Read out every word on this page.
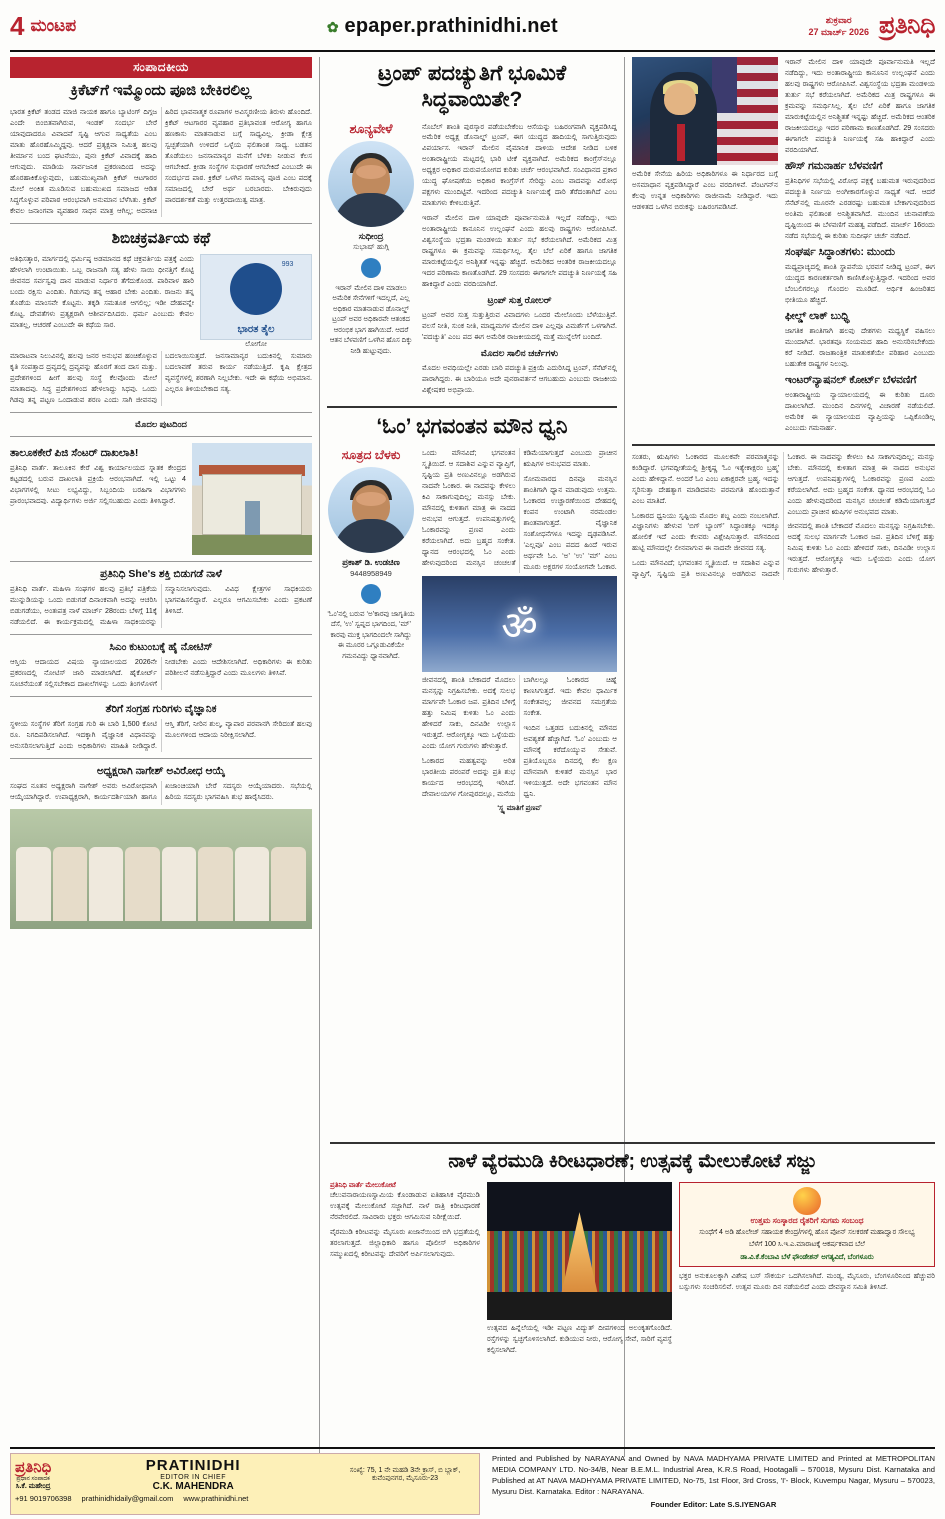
4 ಮಂಟಪ	✿ epaper.prathinidhi.net	ಶುಕ್ರವಾರ
27 ಮಾರ್ಚ್ 2026 ಪ್ರತಿನಿಧಿ
ಸಂಪಾದಕೀಯ
ಕ್ರಿಕೆಟ್‌ಗೆ ಇಮ್ಮೊಂದು ಪೂಜಿ ಬೇಕಿರಲಿಲ್ಲ

ಭಾರತ ಕ್ರಿಕೆಟ್ ತಂಡದ ಮಾಜಿ ನಾಯಕ ಹಾಗೂ ಬ್ಯಾಟಿಂಗ್ ದಿಗ್ಗಜ ಎಂದೇ ಬಿಂಬಿತವಾಗಿರುವ, ಇಂಡಕ್ ಸಂದರ್ಭ ಬೇರೆ ಯಾವುದಾದರೂ ವಿವಾದವೆ ಸೃಷ್ಟಿ ಆಗುವ ಸಾಧ್ಯತೆಯ ಎಂಬ ಮಾತು ಹೊರಹೊಮ್ಮಿದ್ದವು. ಆದರೆ ಪ್ರತ್ಯಕ್ಷವಾ ನಿಮಿತ್ತ ಹಲವು ತೀರ್ಮಾನ ಬಂದ ಘಟನೆಯು, ಪುನಃ ಕ್ರಿಕೆಟ್ ವಿವಾದಕ್ಕೆ ಹಾದಿ ಆಗುವುದು. ಮಾಡಿಯ ಸಾರ್ವಜನಿಕ ಪ್ರಕರಣದಿಂದ ಅದನ್ನು ಹೊರಹಾಕಿಕೊಳ್ಳುವುದು, ಬಹುಮುಖ್ಯವಾಗಿ ಕ್ರಿಕೆಟ್ ಆಟಗಾರರ ಮೇಲೆ ಅಂಕಿತ ಮೂಡಿಸುವ ಬಹುಮುಖದ ಸಮಾಜದ ಆಡಿತ ಸಿದ್ಧಗೊಳ್ಳುವ ಪರಿಪಾಠ ಆರಂಭವಾಗಿ ಅನುಮಾನ ಬೆಳೆಸಿತು. ಕ್ರಿಕೆಟ್ ಕೇವಲ ಜನಾಂಗವಾ ವ್ಯವಹಾರ ಸಾಧನ ಮಾತ್ರ ಆಗಿಲ್ಲ; ಅದನಾಚಿ ಹಿರಿದ ಭಾವನಾತ್ಮಕ ರೂಪಾಗಳ ಅವಿಸ್ಮರಣೀಯ ತಿರುಳು ಹೊಂದಿದೆ. ಕ್ರಿಕೆಟ್ ಆಟಗಾರರ ವ್ಯವಹಾರ ಪ್ರತಿಭಾವಂತ ಆರೋಗ್ಯ ಹಾಗೂ ಹಣಕಾಸು ಮಾತನಾಡುವ ಬಗ್ಗೆ ಸಾಧ್ಯವಿಲ್ಲ. ಕ್ರೀಡಾ ಕ್ಷೇತ್ರ ಸ್ವಚ್ಛತೆಯಾಗಿ ಉಳಿದರೆ ಒಳ್ಳೆಯ ಫಲಿತಾಂಶ ಸಾಧ್ಯ. ಬಡತನ ತೊಡೆಯಲು ಜನಸಾಮಾನ್ಯರ ಮನೆಗೆ ಬೆಳಕು ನೀಡುವ ಕೆಲಸ ಆಗಬೇಕಿದೆ. ಕ್ರೀಡಾ ಸಂಸ್ಥೆಗಳ ಸುಧಾರಣೆ ಆಗಬೇಕಿದೆ ಎಂಬುದೇ ಈ ಸಂದರ್ಭದ ಪಾಠ. ಕ್ರಿಕೆಟ್ ಒಳಗಿನ ಸಾಮಾನ್ಯ ಪೂಜಿ ಎಂಬ ಪದಕ್ಕೆ ಸಮಾಜದಲ್ಲಿ ಬೇರೆ ಅರ್ಥ ಬರಬಾರದು. ಬೇಕಿರುವುದು ಪಾರದರ್ಶಕತೆ ಮತ್ತು ಉತ್ತರದಾಯಿತ್ವ ಮಾತ್ರ.

ಶಿಬಿಚಕ್ರವರ್ತಿಯ ಕಥೆ

ಅತಿಥಿಸತ್ಕಾರ, ಮಾರ್ಗದಲ್ಲಿ ಧರ್ಮಿಷ್ಠ ಅಡಮಾನದ ಕಥೆ ಚಕ್ರವರ್ತಿಯ ಪತ್ರಕ್ಕೆ ಎಂದು ಹೇಳಲಾಗಿ ಉಂಟಾಯಿತು. ಒಬ್ಬ ರಾಜನಾಗಿ ಸತ್ಯ ಹೇಳು ಸಾಯಿ ಧೀನತ್ತಿಗೆ ಕೊಟ್ಟಿ ಜೀವನದ ಸರ್ವಸ್ವವು ದಾನ ಮಾಡುವ ನಿರ್ಧಾರ ತೆಗೆದುಕೊಂಡ. ಪಾರಿವಾಳ ಹಾರಿ ಬಂದು ರಕ್ಷಿಸು ಎಂದಿತು. ಗಿಡುಗವು ತನ್ನ ಆಹಾರ ಬೇಕು ಎಂದಿತು. ರಾಜನು ತನ್ನ ತೊಡೆಯ ಮಾಂಸವೇ ಕೊಟ್ಟನು. ತಕ್ಕಡಿ ಸಮತೂಕ ಆಗಲಿಲ್ಲ; ಇಡೀ ದೇಹವನ್ನೇ ಕೊಟ್ಟ. ದೇವತೆಗಳು ಪ್ರತ್ಯಕ್ಷರಾಗಿ ಆಶೀರ್ವದಿಸಿದರು. ಧರ್ಮ ಎಂಬುದು ಕೇವಲ ಮಾತಲ್ಲ, ಆಚರಣೆ ಎಂಬುದೇ ಈ ಕಥೆಯ ಸಾರ.

993
ಭಾರತ ತೈಲ
ಲೋಗೋ

ಮಾರಾಟವಾ ನಿಲುವಿನಲ್ಲಿ ಹಲವು ಜನರ ಅನುಭವ ಹಂಚಿಕೊಳ್ಳುವ ಕೃತಿ ಸಂಪತ್ತಾದ ದ್ರವ್ಯದಲ್ಲಿ ದ್ರವ್ಯವನ್ನು ಹೊರಗೆ ತಂದ ದಾಸ ಮತ್ತು. ಪ್ರದೇಶಗಳಿಂದ ಹೀಗೆ ಹಲವು ಸಂಸ್ಥೆ ಕೆಲವೊಂದು ಮೇಲೆ ಮಾತಾದವು. ಸಿದ್ಧ ಪ್ರದೇಶಗಳಿಂದ ಹೇಳಲಾದ್ದು ಸಿಧವು. ಒಂದು ಗಿಡವು ತನ್ನ ಪಟ್ಟಣ ಒಂದಾಡುವ ಶರಣ ಎಂದು ಸಾಗಿ ಜೀವನವು ಬದಲಾಯಿಸುತ್ತದೆ. ಜನಸಾಮಾನ್ಯರ ಬದುಕಿನಲ್ಲಿ ಸುಮಾರು ಬದಲಾವಣೆ ತರುವ ಕಾರ್ಯ ನಡೆಯುತ್ತಿದೆ. ಕೃಷಿ ಕ್ಷೇತ್ರದ ವ್ಯವಸ್ಥೆಗಳಲ್ಲಿ ಶರಣಾಗಿ ನಿಲ್ಲಬೇಕು. ಇದೇ ಈ ಕಥೆಯ ಅಭಿಮಾನ. ಎಲ್ಲರೂ ತಿಳಿಯಬೇಕಾದ ಸತ್ಯ.

ಮೊದಲ ಪುಟದಿಂದ
ತಾಲೂಕಕೇರೆ ಪಿಜಿ ಸೆಂಟರ್ ದಾಖಲಾತಿ!

ಪ್ರತಿನಿಧಿ ವಾರ್ತೆ. ತಾಲೂಕಿನ ಕೇರೆ ವಿಶ್ವ ಕಾರ್ಯಾಲಯದ ಸ್ನಾತಕ ಕೇಂದ್ರದ ಕಟ್ಟಡದಲ್ಲಿ ಬರುವ ದಾಖಲಾತಿ ಪ್ರಕ್ರಿಯೆ ಆರಂಭವಾಗಿದೆ. ಇಲ್ಲಿ ಒಟ್ಟು 4 ವಿಭಾಗಗಳಲ್ಲಿ ಸೀಟು ಲಭ್ಯವಿದ್ದು, ಸಿಬ್ಬಂದಿಯ ಬರಹಿಗಾ ವಿಭಾಗಗಳು ಪ್ರಾರಂಭವಾದವು. ವಿದ್ಯಾರ್ಥಿಗಳು ಅರ್ಜಿ ಸಲ್ಲಿಸಬಹುದು ಎಂದು ತಿಳಿಸಿದ್ದಾರೆ.

ಪ್ರತಿನಿಧಿ She's ಶಕ್ತಿ ಬಿಡುಗಡೆ ನಾಳೆ

ಪ್ರತಿನಿಧಿ ವಾರ್ತೆ. ಮಹಿಳಾ ಸಂಘಗಳ ಹಲವು ಪ್ರತಿಭೆ ಪತ್ರಿಕೆಯ ಮುನ್ನುಡಿಯನ್ನು ಒಂದು ಬಿಡುಗಡೆ ದಿನಾಂಕವಾಗಿ ಅದನ್ನು ಆಚರಿಸಿ ಬಿಡುಗಡೆಯು, ಅಂತಃಪತ್ರ ನಾಳೆ ಮಾರ್ಚ್ 28ರಂದು ಬೆಳಿಗ್ಗೆ 11ಕ್ಕೆ ನಡೆಯಲಿದೆ. ಈ ಕಾರ್ಯಕ್ರಮದಲ್ಲಿ ಮಹಿಳಾ ಸಾಧಕಿಯರನ್ನು ಸನ್ಮಾನಿಸಲಾಗುವುದು. ವಿವಿಧ ಕ್ಷೇತ್ರಗಳ ಸಾಧಕಿಯರು ಭಾಗವಹಿಸಲಿದ್ದಾರೆ. ಎಲ್ಲರೂ ಆಗಮಿಸಬೇಕು ಎಂದು ಪ್ರಕಟಣೆ ತಿಳಿಸಿದೆ.

ಸಿಎಂ ಕುಟುಂಬಕ್ಕೆ ಹೈ ನೋಟಿಸ್

ಆಸ್ತಿಯ ಆದಾಯದ ವಿಷಯ ನ್ಯಾಯಾಲಯದ 2026ನೇ ಪ್ರಕರಣದಲ್ಲಿ ನೋಟಿಸ್ ಜಾರಿ ಮಾಡಲಾಗಿದೆ. ಹೈಕೋರ್ಟ್ ಸೂಚನೆಯಂತೆ ಸಲ್ಲಿಸಬೇಕಾದ ದಾಖಲೆಗಳನ್ನು ಒಂದು ತಿಂಗಳೊಳಗೆ ನೀಡಬೇಕು ಎಂದು ಆದೇಶಿಸಲಾಗಿದೆ. ಅಧಿಕಾರಿಗಳು ಈ ಕುರಿತು ಪರಿಶೀಲನೆ ನಡೆಸುತ್ತಿದ್ದಾರೆ ಎಂದು ಮೂಲಗಳು ತಿಳಿಸಿವೆ.

ತೆರಿಗೆ ಸಂಗ್ರಹ ಗುರಿಗಳು ವೈಜ್ಞಾನಿಕ

ಸ್ಥಳೀಯ ಸಂಸ್ಥೆಗಳ ತೆರಿಗೆ ಸಂಗ್ರಹ ಗುರಿ ಈ ಬಾರಿ 1,500 ಕೋಟಿ ರೂ. ನಿಗದಿಪಡಿಸಲಾಗಿದೆ. ಇದಕ್ಕಾಗಿ ವೈಜ್ಞಾನಿಕ ವಿಧಾನವನ್ನು ಅನುಸರಿಸಲಾಗುತ್ತಿದೆ ಎಂದು ಅಧಿಕಾರಿಗಳು ಮಾಹಿತಿ ನೀಡಿದ್ದಾರೆ. ಆಸ್ತಿ ತೆರಿಗೆ, ನೀರಿನ ಶುಲ್ಕ, ವ್ಯಾಪಾರ ಪರವಾನಗಿ ಸೇರಿದಂತೆ ಹಲವು ಮೂಲಗಳಿಂದ ಆದಾಯ ನಿರೀಕ್ಷಿಸಲಾಗಿದೆ.

ಅಧ್ಯಕ್ಷರಾಗಿ ನಾಗೇಶ್ ಅವಿರೋಧ ಆಯ್ಕೆ

ಸಂಘದ ನೂತನ ಅಧ್ಯಕ್ಷರಾಗಿ ನಾಗೇಶ್ ಅವರು ಅವಿರೋಧವಾಗಿ ಆಯ್ಕೆಯಾಗಿದ್ದಾರೆ. ಉಪಾಧ್ಯಕ್ಷರಾಗಿ, ಕಾರ್ಯದರ್ಶಿಯಾಗಿ ಹಾಗೂ ಖಜಾಂಚಿಯಾಗಿ ಬೇರೆ ಸದಸ್ಯರು ಆಯ್ಕೆಯಾದರು. ಸಭೆಯಲ್ಲಿ ಹಿರಿಯ ಸದಸ್ಯರು ಭಾಗವಹಿಸಿ ಶುಭ ಹಾರೈಸಿದರು.

ಟ್ರಂಪ್ ಪದಚ್ಯುತಿಗೆ ಭೂಮಿಕೆ ಸಿದ್ಧವಾಯಿತೇ?
ಶೂನ್ಯವೇಳೆ
ಸುಧೀಂದ್ರ
ಸುಭಾಷ್ ಹುಗ್ಗಿ
ಇರಾನ್ ಮೇಲಿನ ದಾಳಿ ಮಾಡಲು ಅಮೆರಿಕ ಸೇನೆಗಳಿಗೆ ಇದಲ್ಲದೆ, ಎಲ್ಲ ಅಧಿಕಾರ ಮಾತನಾಡುವ ಡೊನಾಲ್ಡ್ ಟ್ರಂಪ್ ಅವರ ಅಧಿಕಾರವೇ ಆತಂಕದ ಆರಂಭಿಕ ಭಾಗ ಹಾಗಿಯಿದೆ. ಆದರೆ ಆತನ ಬೆಳವಣಿಗೆ ಒಳಗಿನ ಹೊಸ ದಿಕ್ಕು ನೀಡಿ ಹುಟ್ಟುವುದು.

ನೊಬೆಲ್ ಶಾಂತಿ ಪುರಸ್ಕಾರ ಪಡೆಯಬೇಕೆಂಬ ಆಸೆಯನ್ನು ಬಹಿರಂಗವಾಗಿ ವ್ಯಕ್ತಪಡಿಸಿದ್ದ ಅಮೆರಿಕ ಅಧ್ಯಕ್ಷ ಡೊನಾಲ್ಡ್ ಟ್ರಂಪ್, ಈಗ ಯುದ್ಧದ ಹಾದಿಯಲ್ಲಿ ಸಾಗುತ್ತಿರುವುದು ವಿಪರ್ಯಾಸ. ಇರಾನ್ ಮೇಲಿನ ವೈಮಾನಿಕ ದಾಳಿಯ ಆದೇಶ ನೀಡಿದ ಬಳಿಕ ಅಂತಾರಾಷ್ಟ್ರೀಯ ಮಟ್ಟದಲ್ಲಿ ಭಾರಿ ಟೀಕೆ ವ್ಯಕ್ತವಾಗಿದೆ. ಅಮೆರಿಕದ ಕಾಂಗ್ರೆಸ್‌ನಲ್ಲೂ ಅಧ್ಯಕ್ಷರ ಅಧಿಕಾರ ದುರುಪಯೋಗದ ಕುರಿತು ಚರ್ಚೆ ಆರಂಭವಾಗಿದೆ. ಸಂವಿಧಾನದ ಪ್ರಕಾರ ಯುದ್ಧ ಘೋಷಣೆಯ ಅಧಿಕಾರ ಕಾಂಗ್ರೆಸ್‌ಗೆ ಸೇರಿದ್ದು ಎಂಬ ವಾದವನ್ನು ವಿರೋಧ ಪಕ್ಷಗಳು ಮುಂದಿಟ್ಟಿವೆ. ಇದರಿಂದ ಪದಚ್ಯುತಿ ನಿರ್ಣಯಕ್ಕೆ ದಾರಿ ತೆರೆದಂತಾಗಿದೆ ಎಂಬ ಮಾತುಗಳು ಕೇಳಿಬರುತ್ತಿವೆ.

ಇರಾನ್ ಮೇಲಿನ ದಾಳಿ ಯಾವುದೇ ಪೂರ್ವಾನುಮತಿ ಇಲ್ಲದೆ ನಡೆದಿದ್ದು, ಇದು ಅಂತಾರಾಷ್ಟ್ರೀಯ ಕಾನೂನಿನ ಉಲ್ಲಂಘನೆ ಎಂದು ಹಲವು ರಾಷ್ಟ್ರಗಳು ಆರೋಪಿಸಿವೆ. ವಿಶ್ವಸಂಸ್ಥೆಯ ಭದ್ರತಾ ಮಂಡಳಿಯ ತುರ್ತು ಸಭೆ ಕರೆಯಲಾಗಿದೆ. ಅಮೆರಿಕದ ಮಿತ್ರ ರಾಷ್ಟ್ರಗಳೂ ಈ ಕ್ರಮವನ್ನು ಸಮರ್ಥಿಸಿಲ್ಲ. ತೈಲ ಬೆಲೆ ಏರಿಕೆ ಹಾಗೂ ಜಾಗತಿಕ ಮಾರುಕಟ್ಟೆಯಲ್ಲಿನ ಅನಿಶ್ಚಿತತೆ ಇನ್ನಷ್ಟು ಹೆಚ್ಚಿದೆ. ಅಮೆರಿಕದ ಆಂತರಿಕ ರಾಜಕೀಯದಲ್ಲೂ ಇದರ ಪರಿಣಾಮ ಕಾಣತೊಡಗಿದೆ. 29 ಸಂಸದರು ಈಗಾಗಲೇ ಪದಚ್ಯುತಿ ನಿರ್ಣಯಕ್ಕೆ ಸಹಿ ಹಾಕಿದ್ದಾರೆ ಎಂದು ವರದಿಯಾಗಿದೆ.

ಟ್ರಂಪ್ ಸುತ್ತ ರೋಲರ್

ಟ್ರಂಪ್ ಅವರ ಸುತ್ತ ಸುತ್ತುತ್ತಿರುವ ವಿವಾದಗಳು ಒಂದರ ಮೇಲೊಂದು ಬೆಳೆಯುತ್ತಿವೆ. ವಲಸೆ ನೀತಿ, ಸುಂಕ ನೀತಿ, ಮಾಧ್ಯಮಗಳ ಮೇಲಿನ ದಾಳಿ ಎಲ್ಲವೂ ವಿಮರ್ಶೆಗೆ ಒಳಗಾಗಿವೆ. 'ಪದಚ್ಯುತಿ' ಎಂಬ ಪದ ಈಗ ಅಮೆರಿಕ ರಾಜಕೀಯದಲ್ಲಿ ಮತ್ತೆ ಮುನ್ನೆಲೆಗೆ ಬಂದಿದೆ.

ಮೊದಲ ಸಾಲಿನ ಚರ್ಚೆಗಳು

ಮೊದಲ ಅವಧಿಯಲ್ಲೇ ಎರಡು ಬಾರಿ ಪದಚ್ಯುತಿ ಪ್ರಕ್ರಿಯೆ ಎದುರಿಸಿದ್ದ ಟ್ರಂಪ್, ಸೆನೆಟ್‌ನಲ್ಲಿ ಪಾರಾಗಿದ್ದರು. ಈ ಬಾರಿಯೂ ಅದೇ ಪುನರಾವರ್ತನೆ ಆಗಬಹುದು ಎಂಬುದು ರಾಜಕೀಯ ವಿಶ್ಲೇಷಕರ ಅಭಿಪ್ರಾಯ.

‘ಓಂ’ ಭಗವಂತನ ಮೌನ ಧ್ವನಿ
ಸೂತ್ರದ ಬೆಳಕು
ಪ್ರಕಾಶ್ ಡಿ. ಉಡಚಿಣ
9448958949
‘ಓಂ’ನಲ್ಲಿ ಬರುವ ‘ಅ’ಕಾರವು ಜಾಗೃತಿಯ ದೆಸೆ, ‘ಉ’ ಸ್ವಪ್ನದ ಭಾಗದಿಂದ, ‘ಮ್’ ಕಾರವು ಮುಕ್ತ ಭಾಗದಿಂದಲೇ ಸಾಗಿದ್ದು ಈ ಮೂರರ ಒಗ್ಗೂಡುವಿಕೆಯೇ ಗಮನವಿದ್ದು ಧ್ಯಾನವಾಗಿದೆ.

ಒಂದು ಮೌನವಿದೆ; ಭಗವಂತನ ಸ್ಮೃತಿಯಿದೆ. ಆ ಸದಾಶಿವ ಎನ್ನುವ ವ್ಯಾಪ್ತಿಗೆ, ಸೃಷ್ಟಿಯ ಪ್ರತಿ ಅಣುವಿನಲ್ಲೂ ಅಡಗಿರುವ ನಾದವೇ ಓಂಕಾರ. ಈ ನಾದವನ್ನು ಕೇಳಲು ಕಿವಿ ಸಾಕಾಗುವುದಿಲ್ಲ; ಮನಸ್ಸು ಬೇಕು. ಮೌನದಲ್ಲಿ ಕುಳಿತಾಗ ಮಾತ್ರ ಈ ನಾದದ ಅನುಭವ ಆಗುತ್ತದೆ. ಉಪನಿಷತ್ತುಗಳಲ್ಲಿ ಓಂಕಾರವನ್ನು ಪ್ರಣವ ಎಂದು ಕರೆಯಲಾಗಿದೆ. ಅದು ಬ್ರಹ್ಮದ ಸಂಕೇತ. ಧ್ಯಾನದ ಆರಂಭದಲ್ಲಿ ಓಂ ಎಂದು ಹೇಳುವುದರಿಂದ ಮನಸ್ಸಿನ ಚಂಚಲತೆ ಕಡಿಮೆಯಾಗುತ್ತದೆ ಎಂಬುದು ಪ್ರಾಚೀನ ಋಷಿಗಳ ಅನುಭವದ ಮಾತು.

ಸೋಮವಾರದ ದಿನವೂ ಮನಸ್ಸಿನ ಶಾಂತಿಗಾಗಿ ಧ್ಯಾನ ಮಾಡುವುದು ಉತ್ತಮ. ಓಂಕಾರದ ಉಚ್ಚಾರಣೆಯಿಂದ ದೇಹದಲ್ಲಿ ಕಂಪನ ಉಂಟಾಗಿ ನರಮಂಡಲ ಶಾಂತವಾಗುತ್ತದೆ. ವೈಜ್ಞಾನಿಕ ಸಂಶೋಧನೆಗಳೂ ಇದನ್ನು ದೃಢಪಡಿಸಿವೆ. ‘ಎಲ್ಲವೂ’ ಎಂಬ ಪದದ ಹಿಂದೆ ಇರುವ ಅರ್ಥವೇ ಓಂ. ‘ಅ’ ‘ಉ’ ‘ಮ್’ ಎಂಬ ಮೂರು ಅಕ್ಷರಗಳ ಸಂಯೋಗವೇ ಓಂಕಾರ.

ॐ

ಜೀವನದಲ್ಲಿ ಶಾಂತಿ ಬೇಕಾದರೆ ಮೊದಲು ಮನಸ್ಸನ್ನು ನಿಗ್ರಹಿಸಬೇಕು. ಅದಕ್ಕೆ ಸುಲಭ ಮಾರ್ಗವೇ ಓಂಕಾರ ಜಪ. ಪ್ರತಿದಿನ ಬೆಳಿಗ್ಗೆ ಹತ್ತು ನಿಮಿಷ ಕುಳಿತು ಓಂ ಎಂದು ಹೇಳಿದರೆ ಸಾಕು, ದಿನವಿಡೀ ಉಲ್ಲಾಸ ಇರುತ್ತದೆ. ಆರೋಗ್ಯಕ್ಕೂ ಇದು ಒಳ್ಳೆಯದು ಎಂದು ಯೋಗ ಗುರುಗಳು ಹೇಳುತ್ತಾರೆ.

ಓಂಕಾರದ ಮಹತ್ವವನ್ನು ಅರಿತ ಭಾರತೀಯ ಪರಂಪರೆ ಅದನ್ನು ಪ್ರತಿ ಶುಭ ಕಾರ್ಯದ ಆರಂಭದಲ್ಲಿ ಇರಿಸಿದೆ. ದೇವಾಲಯಗಳ ಗೋಪುರದಲ್ಲೂ, ಮನೆಯ ಬಾಗಿಲಲ್ಲೂ ಓಂಕಾರದ ಚಿಹ್ನೆ ಕಾಣಸಿಗುತ್ತದೆ. ಇದು ಕೇವಲ ಧಾರ್ಮಿಕ ಸಂಕೇತವಲ್ಲ; ಜೀವನದ ಸಮಗ್ರತೆಯ ಸಂಕೇತ.

ಇಂದಿನ ಒತ್ತಡದ ಬದುಕಿನಲ್ಲಿ ಮೌನದ ಅವಶ್ಯಕತೆ ಹೆಚ್ಚಾಗಿದೆ. ‘ಓಂ’ ಎಂಬುದು ಆ ಮೌನಕ್ಕೆ ಕರೆದೊಯ್ಯುವ ಸೇತುವೆ. ಪ್ರತಿಯೊಬ್ಬರೂ ದಿನದಲ್ಲಿ ಕೆಲ ಕ್ಷಣ ಮೌನವಾಗಿ ಕುಳಿತರೆ ಮನಸ್ಸಿನ ಭಾರ ಇಳಿಯುತ್ತದೆ. ಅದೇ ಭಗವಂತನ ಮೌನ ಧ್ವನಿ.

‘ಸ್ಥ್ಯ ಮಾತಿಗೆ ಪ್ರಣವ’

ಅಮೆರಿಕ ಸೇನೆಯ ಹಿರಿಯ ಅಧಿಕಾರಿಗಳೂ ಈ ನಿರ್ಧಾರದ ಬಗ್ಗೆ ಅಸಮಾಧಾನ ವ್ಯಕ್ತಪಡಿಸಿದ್ದಾರೆ ಎಂಬ ವರದಿಗಳಿವೆ. ಪೆಂಟಗನ್‌ನ ಕೆಲವು ಉನ್ನತ ಅಧಿಕಾರಿಗಳು ರಾಜೀನಾಮೆ ನೀಡಿದ್ದಾರೆ. ಇದು ಆಡಳಿತದ ಒಳಗಿನ ಬಿರುಕನ್ನು ಬಹಿರಂಗಪಡಿಸಿದೆ.

ಇರಾನ್ ಮೇಲಿನ ದಾಳಿ ಯಾವುದೇ ಪೂರ್ವಾನುಮತಿ ಇಲ್ಲದೆ ನಡೆದಿದ್ದು, ಇದು ಅಂತಾರಾಷ್ಟ್ರೀಯ ಕಾನೂನಿನ ಉಲ್ಲಂಘನೆ ಎಂದು ಹಲವು ರಾಷ್ಟ್ರಗಳು ಆರೋಪಿಸಿವೆ. ವಿಶ್ವಸಂಸ್ಥೆಯ ಭದ್ರತಾ ಮಂಡಳಿಯ ತುರ್ತು ಸಭೆ ಕರೆಯಲಾಗಿದೆ. ಅಮೆರಿಕದ ಮಿತ್ರ ರಾಷ್ಟ್ರಗಳೂ ಈ ಕ್ರಮವನ್ನು ಸಮರ್ಥಿಸಿಲ್ಲ. ತೈಲ ಬೆಲೆ ಏರಿಕೆ ಹಾಗೂ ಜಾಗತಿಕ ಮಾರುಕಟ್ಟೆಯಲ್ಲಿನ ಅನಿಶ್ಚಿತತೆ ಇನ್ನಷ್ಟು ಹೆಚ್ಚಿದೆ. ಅಮೆರಿಕದ ಆಂತರಿಕ ರಾಜಕೀಯದಲ್ಲೂ ಇದರ ಪರಿಣಾಮ ಕಾಣತೊಡಗಿದೆ. 29 ಸಂಸದರು ಈಗಾಗಲೇ ಪದಚ್ಯುತಿ ನಿರ್ಣಯಕ್ಕೆ ಸಹಿ ಹಾಕಿದ್ದಾರೆ ಎಂದು ವರದಿಯಾಗಿದೆ.

ಹೌಸ್ ಗಮನಾರ್ಹ ಬೆಳವಣಿಗೆ

ಪ್ರತಿನಿಧಿಗಳ ಸಭೆಯಲ್ಲಿ ವಿರೋಧ ಪಕ್ಷಕ್ಕೆ ಬಹುಮತ ಇರುವುದರಿಂದ ಪದಚ್ಯುತಿ ನಿರ್ಣಯ ಅಂಗೀಕಾರಗೊಳ್ಳುವ ಸಾಧ್ಯತೆ ಇದೆ. ಆದರೆ ಸೆನೆಟ್‌ನಲ್ಲಿ ಮೂರನೇ ಎರಡರಷ್ಟು ಬಹುಮತ ಬೇಕಾಗುವುದರಿಂದ ಅಂತಿಮ ಫಲಿತಾಂಶ ಅನಿಶ್ಚಿತವಾಗಿದೆ. ಮುಂದಿನ ಚುನಾವಣೆಯ ದೃಷ್ಟಿಯಿಂದ ಈ ಬೆಳವಣಿಗೆ ಮಹತ್ವ ಪಡೆದಿದೆ. ಮಾರ್ಚ್ 16ರಂದು ನಡೆದ ಸಭೆಯಲ್ಲಿ ಈ ಕುರಿತು ಸುದೀರ್ಘ ಚರ್ಚೆ ನಡೆದಿದೆ.

ಸಂಘರ್ಷ ಸಿದ್ಧಾಂತಗಳು: ಮುಂದು

ಮಧ್ಯಪ್ರಾಚ್ಯದಲ್ಲಿ ಶಾಂತಿ ಸ್ಥಾಪನೆಯ ಭರವಸೆ ನೀಡಿದ್ದ ಟ್ರಂಪ್, ಈಗ ಯುದ್ಧದ ಕಾರಣಕರ್ತರಾಗಿ ಕಾಣಿಸಿಕೊಳ್ಳುತ್ತಿದ್ದಾರೆ. ಇದರಿಂದ ಅವರ ಬೆಂಬಲಿಗರಲ್ಲೂ ಗೊಂದಲ ಮೂಡಿದೆ. ಆರ್ಥಿಕ ಹಿಂಜರಿತದ ಭೀತಿಯೂ ಹೆಚ್ಚಿದೆ.

ಫೀಲ್ಡ್ ಲಾಕ್ ಬುಧ್ಧಿ

ಜಾಗತಿಕ ಶಾಂತಿಗಾಗಿ ಹಲವು ದೇಶಗಳು ಮಧ್ಯಸ್ಥಿಕೆ ವಹಿಸಲು ಮುಂದಾಗಿವೆ. ಭಾರತವೂ ಸಂಯಮದ ಹಾದಿ ಅನುಸರಿಸಬೇಕೆಂದು ಕರೆ ನೀಡಿದೆ. ರಾಜತಾಂತ್ರಿಕ ಮಾತುಕತೆಯೇ ಪರಿಹಾರ ಎಂಬುದು ಬಹುತೇಕ ರಾಷ್ಟ್ರಗಳ ನಿಲುವು.

ಇಂಟರ್‌ನ್ಯಾಷನಲ್ ಕೋರ್ಟ್ ಬೆಳವಣಿಗೆ

ಅಂತಾರಾಷ್ಟ್ರೀಯ ನ್ಯಾಯಾಲಯದಲ್ಲಿ ಈ ಕುರಿತು ದೂರು ದಾಖಲಾಗಿದೆ. ಮುಂದಿನ ದಿನಗಳಲ್ಲಿ ವಿಚಾರಣೆ ನಡೆಯಲಿದೆ. ಅಮೆರಿಕ ಈ ನ್ಯಾಯಾಲಯದ ವ್ಯಾಪ್ತಿಯನ್ನು ಒಪ್ಪಿಕೊಂಡಿಲ್ಲ ಎಂಬುದು ಗಮನಾರ್ಹ.

ಸಂತರು, ಋಷಿಗಳು ಓಂಕಾರದ ಮೂಲಕವೇ ಪರಮಾತ್ಮನನ್ನು ಕಂಡಿದ್ದಾರೆ. ಭಗವದ್ಗೀತೆಯಲ್ಲಿ ಶ್ರೀಕೃಷ್ಣ ‘ಓಂ ಇತ್ಯೇಕಾಕ್ಷರಂ ಬ್ರಹ್ಮ’ ಎಂದು ಹೇಳಿದ್ದಾನೆ. ಅಂದರೆ ಓಂ ಎಂಬ ಏಕಾಕ್ಷರವೇ ಬ್ರಹ್ಮ. ಇದನ್ನು ಸ್ಮರಿಸುತ್ತಾ ದೇಹತ್ಯಾಗ ಮಾಡಿದವನು ಪರಮಗತಿ ಹೊಂದುತ್ತಾನೆ ಎಂಬ ಮಾತಿದೆ.

ಓಂಕಾರದ ಧ್ವನಿಯು ಸೃಷ್ಟಿಯ ಮೊದಲ ಶಬ್ದ ಎಂದು ನಂಬಲಾಗಿದೆ. ವಿಜ್ಞಾನಿಗಳು ಹೇಳುವ ‘ಬಿಗ್ ಬ್ಯಾಂಗ್’ ಸಿದ್ಧಾಂತಕ್ಕೂ ಇದಕ್ಕೂ ಹೋಲಿಕೆ ಇದೆ ಎಂದು ಕೆಲವರು ವಿಶ್ಲೇಷಿಸುತ್ತಾರೆ. ಮೌನದಿಂದ ಹುಟ್ಟಿ ಮೌನದಲ್ಲೇ ಲೀನವಾಗುವ ಈ ನಾದವೇ ಜೀವನದ ಸತ್ಯ.

ಒಂದು ಮೌನವಿದೆ; ಭಗವಂತನ ಸ್ಮೃತಿಯಿದೆ. ಆ ಸದಾಶಿವ ಎನ್ನುವ ವ್ಯಾಪ್ತಿಗೆ, ಸೃಷ್ಟಿಯ ಪ್ರತಿ ಅಣುವಿನಲ್ಲೂ ಅಡಗಿರುವ ನಾದವೇ ಓಂಕಾರ. ಈ ನಾದವನ್ನು ಕೇಳಲು ಕಿವಿ ಸಾಕಾಗುವುದಿಲ್ಲ; ಮನಸ್ಸು ಬೇಕು. ಮೌನದಲ್ಲಿ ಕುಳಿತಾಗ ಮಾತ್ರ ಈ ನಾದದ ಅನುಭವ ಆಗುತ್ತದೆ. ಉಪನಿಷತ್ತುಗಳಲ್ಲಿ ಓಂಕಾರವನ್ನು ಪ್ರಣವ ಎಂದು ಕರೆಯಲಾಗಿದೆ. ಅದು ಬ್ರಹ್ಮದ ಸಂಕೇತ. ಧ್ಯಾನದ ಆರಂಭದಲ್ಲಿ ಓಂ ಎಂದು ಹೇಳುವುದರಿಂದ ಮನಸ್ಸಿನ ಚಂಚಲತೆ ಕಡಿಮೆಯಾಗುತ್ತದೆ ಎಂಬುದು ಪ್ರಾಚೀನ ಋಷಿಗಳ ಅನುಭವದ ಮಾತು.

ಜೀವನದಲ್ಲಿ ಶಾಂತಿ ಬೇಕಾದರೆ ಮೊದಲು ಮನಸ್ಸನ್ನು ನಿಗ್ರಹಿಸಬೇಕು. ಅದಕ್ಕೆ ಸುಲಭ ಮಾರ್ಗವೇ ಓಂಕಾರ ಜಪ. ಪ್ರತಿದಿನ ಬೆಳಿಗ್ಗೆ ಹತ್ತು ನಿಮಿಷ ಕುಳಿತು ಓಂ ಎಂದು ಹೇಳಿದರೆ ಸಾಕು, ದಿನವಿಡೀ ಉಲ್ಲಾಸ ಇರುತ್ತದೆ. ಆರೋಗ್ಯಕ್ಕೂ ಇದು ಒಳ್ಳೆಯದು ಎಂದು ಯೋಗ ಗುರುಗಳು ಹೇಳುತ್ತಾರೆ.

ನಾಳೆ ವ್ಯೆರಮುಡಿ ಕಿರೀಟಧಾರಣೆ; ಉತ್ಸವಕ್ಕೆ ಮೇಲುಕೋಟೆ ಸಜ್ಜು
ಪ್ರತಿನಿಧಿ ವಾರ್ತೆ ಮೇಲುಕೋಟೆ

ಚೆಲುವನಾರಾಯಣಸ್ವಾಮಿಯ ಕೊಂಡಾಡುವ ಐತಿಹಾಸಿಕ ವೈರಮುಡಿ ಉತ್ಸವಕ್ಕೆ ಮೇಲುಕೋಟೆ ಸಜ್ಜಾಗಿದೆ. ನಾಳೆ ರಾತ್ರಿ ಕಿರೀಟಧಾರಣೆ ನೆರವೇರಲಿದೆ. ಸಾವಿರಾರು ಭಕ್ತರು ಆಗಮಿಸುವ ನಿರೀಕ್ಷೆಯಿದೆ.

ವೈರಮುಡಿ ಕಿರೀಟವನ್ನು ಮೈಸೂರು ಖಜಾನೆಯಿಂದ ಬಿಗಿ ಭದ್ರತೆಯಲ್ಲಿ ತರಲಾಗುತ್ತದೆ. ಜಿಲ್ಲಾಧಿಕಾರಿ ಹಾಗೂ ಪೊಲೀಸ್ ಅಧಿಕಾರಿಗಳ ಸಮ್ಮುಖದಲ್ಲಿ ಕಿರೀಟವನ್ನು ದೇವರಿಗೆ ಅರ್ಪಿಸಲಾಗುವುದು.

ಉತ್ಸವದ ಹಿನ್ನೆಲೆಯಲ್ಲಿ ಇಡೀ ಪಟ್ಟಣ ವಿದ್ಯುತ್ ದೀಪಗಳಿಂದ ಅಲಂಕೃತಗೊಂಡಿದೆ. ರಸ್ತೆಗಳನ್ನು ಸ್ವಚ್ಛಗೊಳಿಸಲಾಗಿದೆ. ಕುಡಿಯುವ ನೀರು, ಆರೋಗ್ಯ ಸೇವೆ, ಸಾರಿಗೆ ವ್ಯವಸ್ಥೆ ಕಲ್ಪಿಸಲಾಗಿದೆ.

ಉತ್ತಮ ಸಂಸ್ಕಾರದ ರೈತರಿಗೆ ಸುಗಮ ಸಂಬಂಧ
ಸುಂಧೆಗೆ 4 ಅಡಿ ಹೊಲೇಜ್ ಸಹಾಯಕ ಕೇಂದ್ರ/ಗಳಲ್ಲಿ ಹೊಸ ಪೋನ್ ಸಲಕರಣೆ ಮಹಾದ್ವಾರ ಸೌಲಭ್ಯ
ಬೆಳೆಗೆ 100 ಸಿ.ಇ.ಎ.ಮಾರಾಟಕ್ಕೆ ಆಕರ್ಷಕವಾದ ಬೆಲೆ
ಡಾ.ವಿ.ಕೆ.ಕೆಂಬಾವಿ ಬೆಳೆ ಫೌಂಡೇಶನ್ ಅಗತ್ಯವಿದೆ, ಬೆಂಗಳೂರು

ಭಕ್ತರ ಅನುಕೂಲಕ್ಕಾಗಿ ವಿಶೇಷ ಬಸ್ ಸೌಕರ್ಯ ಒದಗಿಸಲಾಗಿದೆ. ಮಂಡ್ಯ, ಮೈಸೂರು, ಬೆಂಗಳೂರಿನಿಂದ ಹೆಚ್ಚುವರಿ ಬಸ್ಸುಗಳು ಸಂಚರಿಸಲಿವೆ. ಉತ್ಸವ ಮೂರು ದಿನ ನಡೆಯಲಿದೆ ಎಂದು ದೇವಸ್ಥಾನ ಸಮಿತಿ ತಿಳಿಸಿದೆ.

ಪ್ರತಿನಿಧಿ
ಪ್ರಧಾನ ಸಂಪಾದಕ
ಸಿ.ಕೆ. ಮಹೇಂದ್ರ
PRATINIDHI
EDITOR IN CHIEF
C.K. MAHENDRA
ಸಂಖ್ಯೆ: 75, 1 ನೇ ಮಹಡಿ 3ನೇ ಕ್ರಾಸ್, ಬಿ ಬ್ಲಾಕ್, ಕುವೆಂಪುನಗರ, ಮೈಸೂರು-23
+91 9019706398 prathinidhidaily@gmail.com www.prathinidhi.net
Printed and Published by NARAYANA and Owned by NAVA MADHYAMA PRIVATE LIMITED and Printed at METROPOLITAN MEDIA COMPANY LTD. No-34/B, Near B.E.M.L. Industrial Area, K.R.S Road, Hootagalli – 570018, Mysuru Dist. Karnataka and Published at AT NAVA MADHYAMA PRIVATE LIMITED, No-75, 1st Floor, 3rd Cross, 'I'- Block, Kuvempu Nagar, Mysuru – 570023, Mysuru Dist. Karnataka. Editor : NARAYANA.
Founder Editor: Late S.S.IYENGAR
